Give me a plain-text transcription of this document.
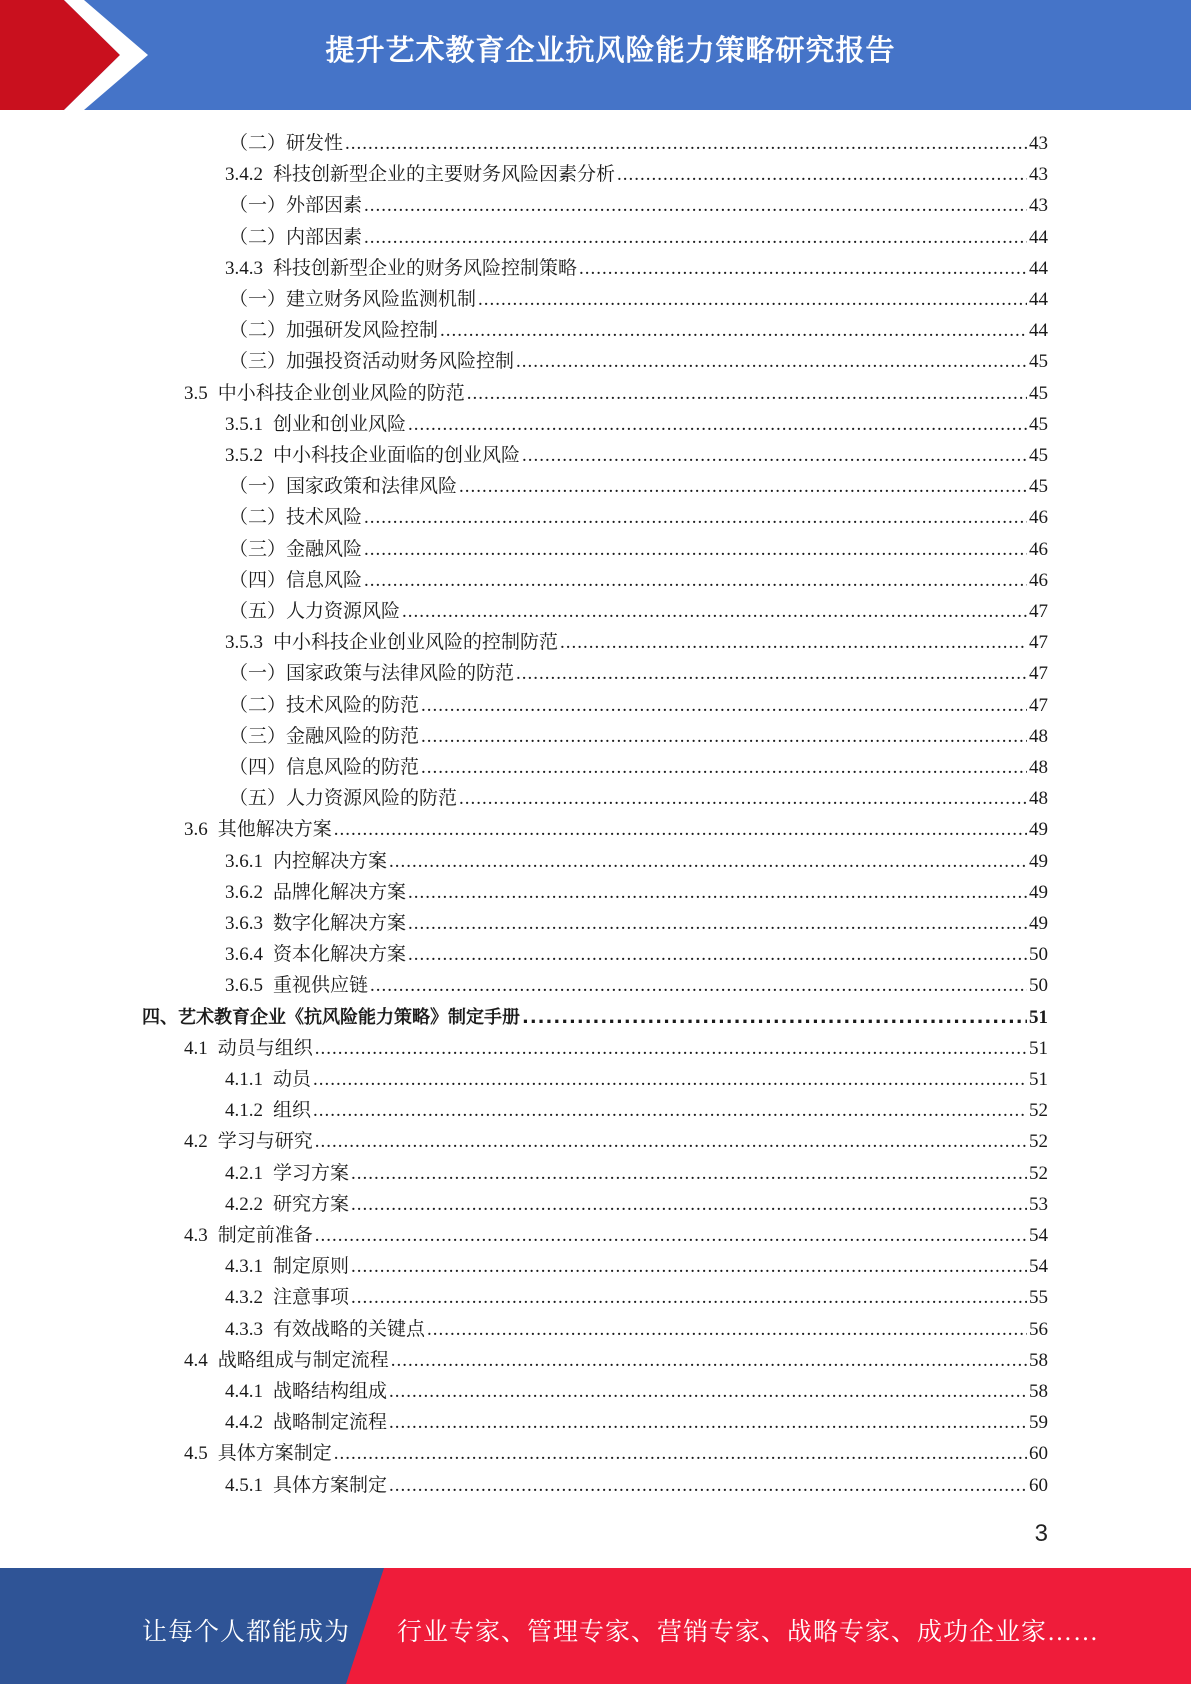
提升艺术教育企业抗风险能力策略研究报告
（二）研发性 .....	43
3.4.2 科技创新型企业的主要财务风险因素分析 .....	43
（一）外部因素 .....	43
（二）内部因素 .....	44
3.4.3 科技创新型企业的财务风险控制策略 .....	44
（一）建立财务风险监测机制 .....	44
（二）加强研发风险控制 .....	44
（三）加强投资活动财务风险控制 .....	45
3.5 中小科技企业创业风险的防范 .....	45
3.5.1 创业和创业风险 .....	45
3.5.2 中小科技企业面临的创业风险 .....	45
（一）国家政策和法律风险 .....	45
（二）技术风险 .....	46
（三）金融风险 .....	46
（四）信息风险 .....	46
（五）人力资源风险 .....	47
3.5.3 中小科技企业创业风险的控制防范 .....	47
（一）国家政策与法律风险的防范 .....	47
（二）技术风险的防范 .....	47
（三）金融风险的防范 .....	48
（四）信息风险的防范 .....	48
（五）人力资源风险的防范 .....	48
3.6 其他解决方案 .....	49
3.6.1 内控解决方案 .....	49
3.6.2 品牌化解决方案 .....	49
3.6.3 数字化解决方案 .....	49
3.6.4 资本化解决方案 .....	50
3.6.5 重视供应链 .....	50
四、艺术教育企业《抗风险能力策略》制定手册 .....	51
4.1 动员与组织 .....	51
4.1.1 动员 .....	51
4.1.2 组织 .....	52
4.2 学习与研究 .....	52
4.2.1 学习方案 .....	52
4.2.2 研究方案 .....	53
4.3 制定前准备 .....	54
4.3.1 制定原则 .....	54
4.3.2 注意事项 .....	55
4.3.3 有效战略的关键点 .....	56
4.4 战略组成与制定流程 .....	58
4.4.1 战略结构组成 .....	58
4.4.2 战略制定流程 .....	59
4.5 具体方案制定 .....	60
4.5.1 具体方案制定 .....	60
3
让每个人都能成为 行业专家、管理专家、营销专家、战略专家、成功企业家……
